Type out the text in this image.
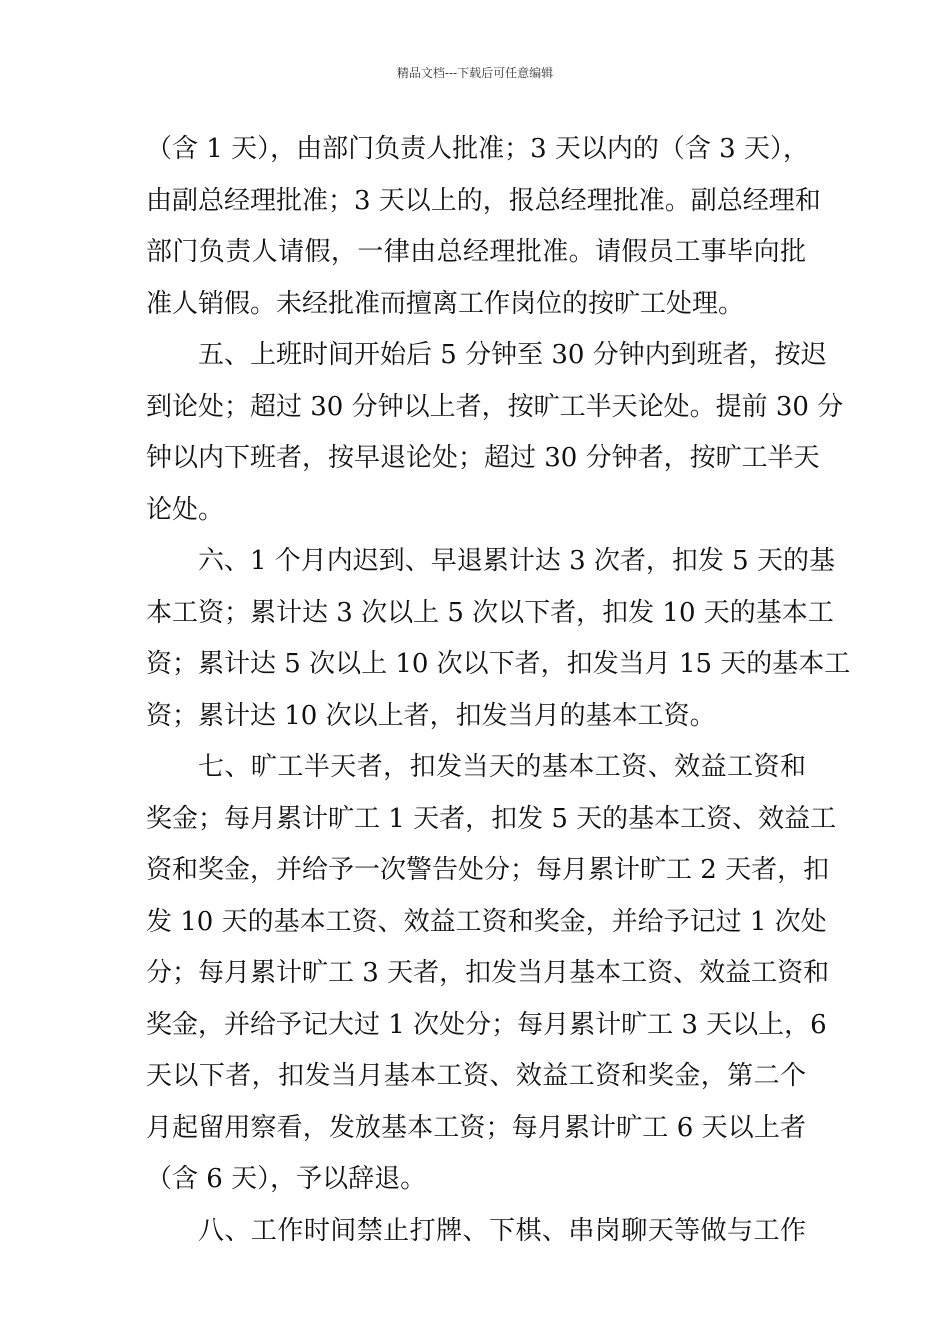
精品文档---下载后可任意编辑
（含 1 天），由部门负责人批准；3 天以内的（含 3 天），
由副总经理批准；3 天以上的，报总经理批准。副总经理和
部门负责人请假，一律由总经理批准。请假员工事毕向批
准人销假。未经批准而擅离工作岗位的按旷工处理。
五、上班时间开始后 5 分钟至 30 分钟内到班者，按迟
到论处；超过 30 分钟以上者，按旷工半天论处。提前 30 分
钟以内下班者，按早退论处；超过 30 分钟者，按旷工半天
论处。
六、1 个月内迟到、早退累计达 3 次者，扣发 5 天的基
本工资；累计达 3 次以上 5 次以下者，扣发 10 天的基本工
资；累计达 5 次以上 10 次以下者，扣发当月 15 天的基本工
资；累计达 10 次以上者，扣发当月的基本工资。
七、旷工半天者，扣发当天的基本工资、效益工资和
奖金；每月累计旷工 1 天者，扣发 5 天的基本工资、效益工
资和奖金，并给予一次警告处分；每月累计旷工 2 天者，扣
发 10 天的基本工资、效益工资和奖金，并给予记过 1 次处
分；每月累计旷工 3 天者，扣发当月基本工资、效益工资和
奖金，并给予记大过 1 次处分；每月累计旷工 3 天以上，6
天以下者，扣发当月基本工资、效益工资和奖金，第二个
月起留用察看，发放基本工资；每月累计旷工 6 天以上者
（含 6 天），予以辞退。
八、工作时间禁止打牌、下棋、串岗聊天等做与工作
